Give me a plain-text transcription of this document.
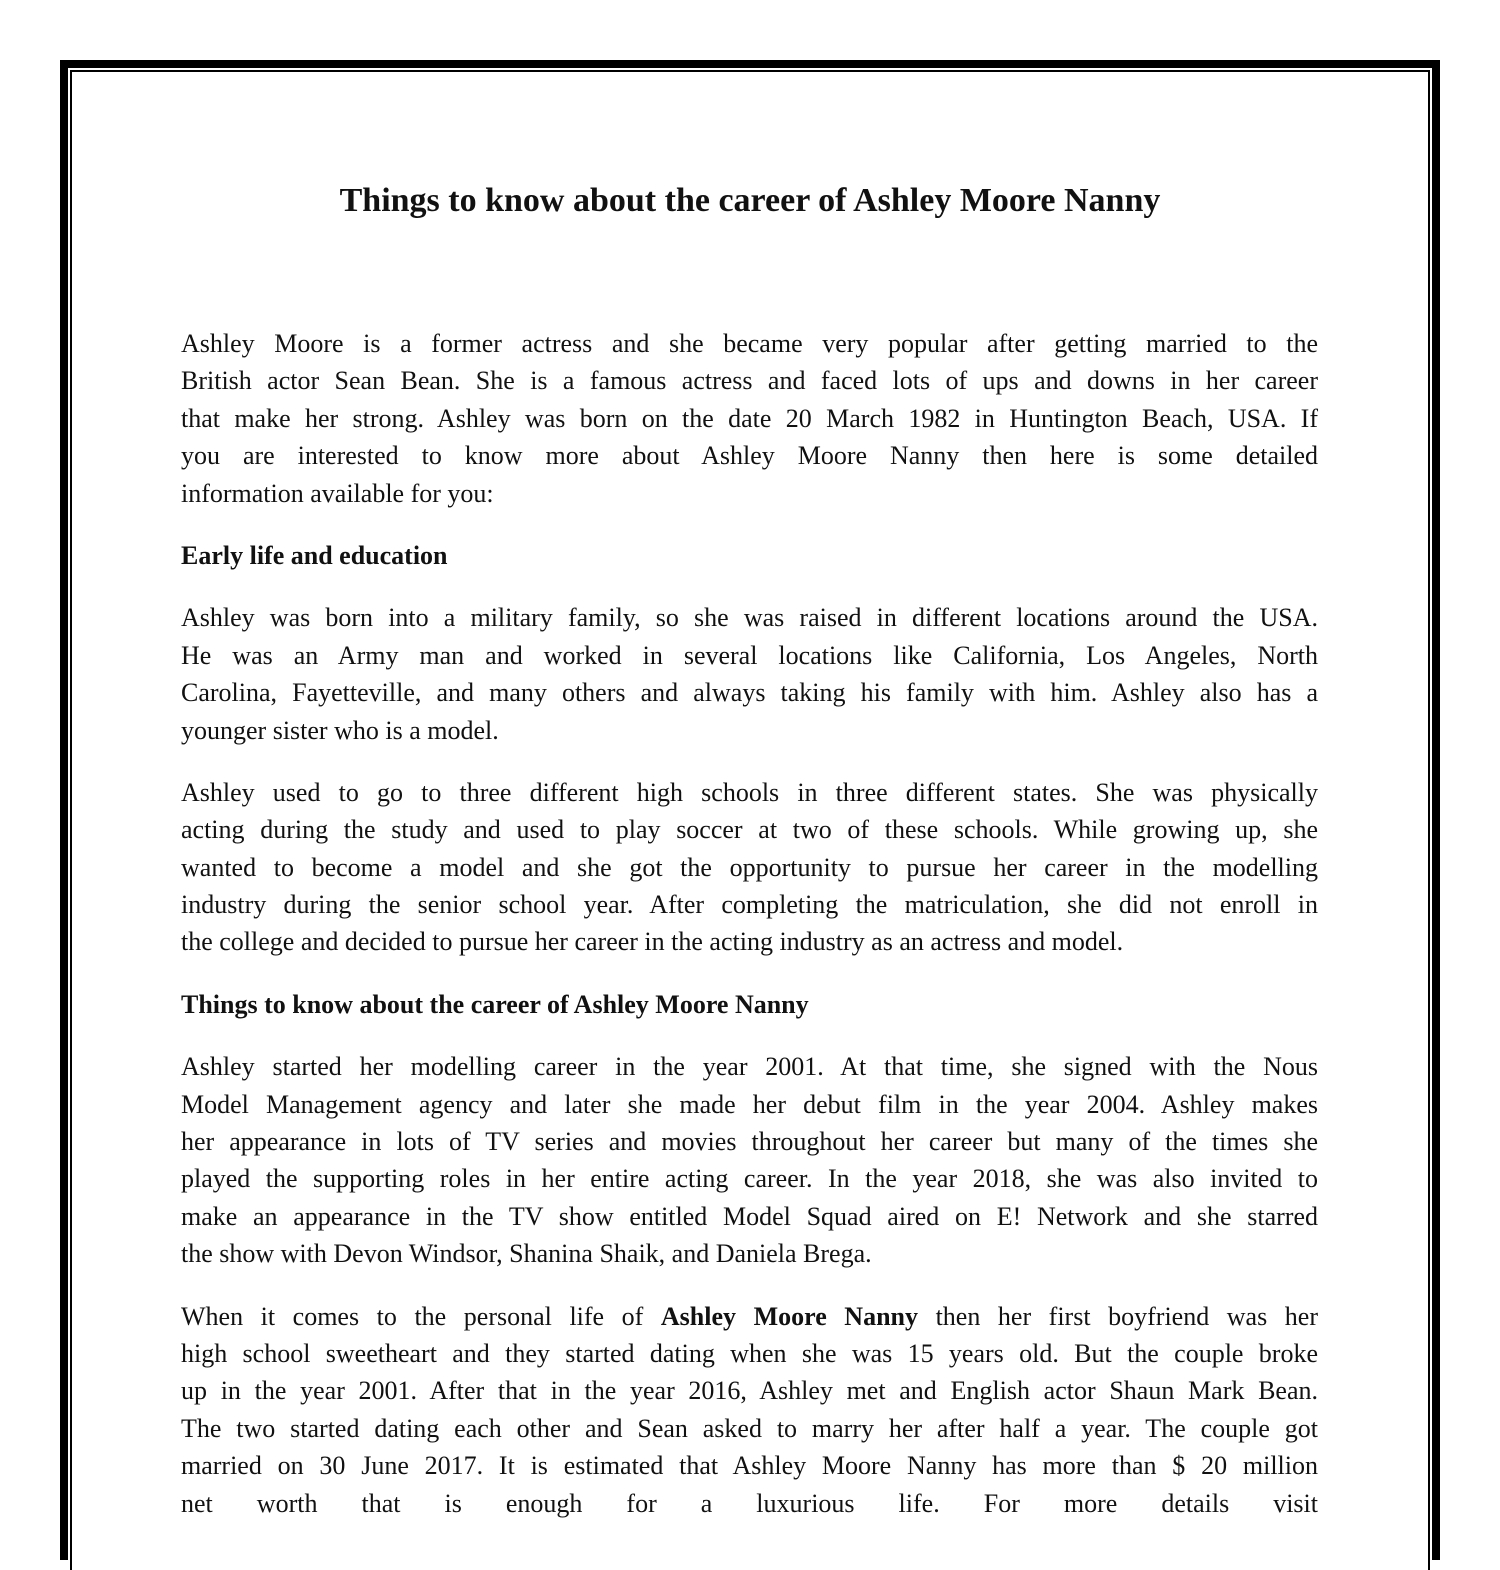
Things to know about the career of Ashley Moore Nanny
Ashley Moore is a former actress and she became very popular after getting married to the
British actor Sean Bean. She is a famous actress and faced lots of ups and downs in her career
that make her strong. Ashley was born on the date 20 March 1982 in Huntington Beach, USA. If
you are interested to know more about Ashley Moore Nanny then here is some detailed
information available for you:
Early life and education
Ashley was born into a military family, so she was raised in different locations around the USA.
He was an Army man and worked in several locations like California, Los Angeles, North
Carolina, Fayetteville, and many others and always taking his family with him. Ashley also has a
younger sister who is a model.
Ashley used to go to three different high schools in three different states. She was physically
acting during the study and used to play soccer at two of these schools. While growing up, she
wanted to become a model and she got the opportunity to pursue her career in the modelling
industry during the senior school year. After completing the matriculation, she did not enroll in
the college and decided to pursue her career in the acting industry as an actress and model.
Things to know about the career of Ashley Moore Nanny
Ashley started her modelling career in the year 2001. At that time, she signed with the Nous
Model Management agency and later she made her debut film in the year 2004. Ashley makes
her appearance in lots of TV series and movies throughout her career but many of the times she
played the supporting roles in her entire acting career. In the year 2018, she was also invited to
make an appearance in the TV show entitled Model Squad aired on E! Network and she starred
the show with Devon Windsor, Shanina Shaik, and Daniela Brega.
When it comes to the personal life of Ashley Moore Nanny then her first boyfriend was her
high school sweetheart and they started dating when she was 15 years old. But the couple broke
up in the year 2001. After that in the year 2016, Ashley met and English actor Shaun Mark Bean.
The two started dating each other and Sean asked to marry her after half a year. The couple got
married on 30 June 2017. It is estimated that Ashley Moore Nanny has more than $ 20 million
net worth that is enough for a luxurious life. For more details visit
